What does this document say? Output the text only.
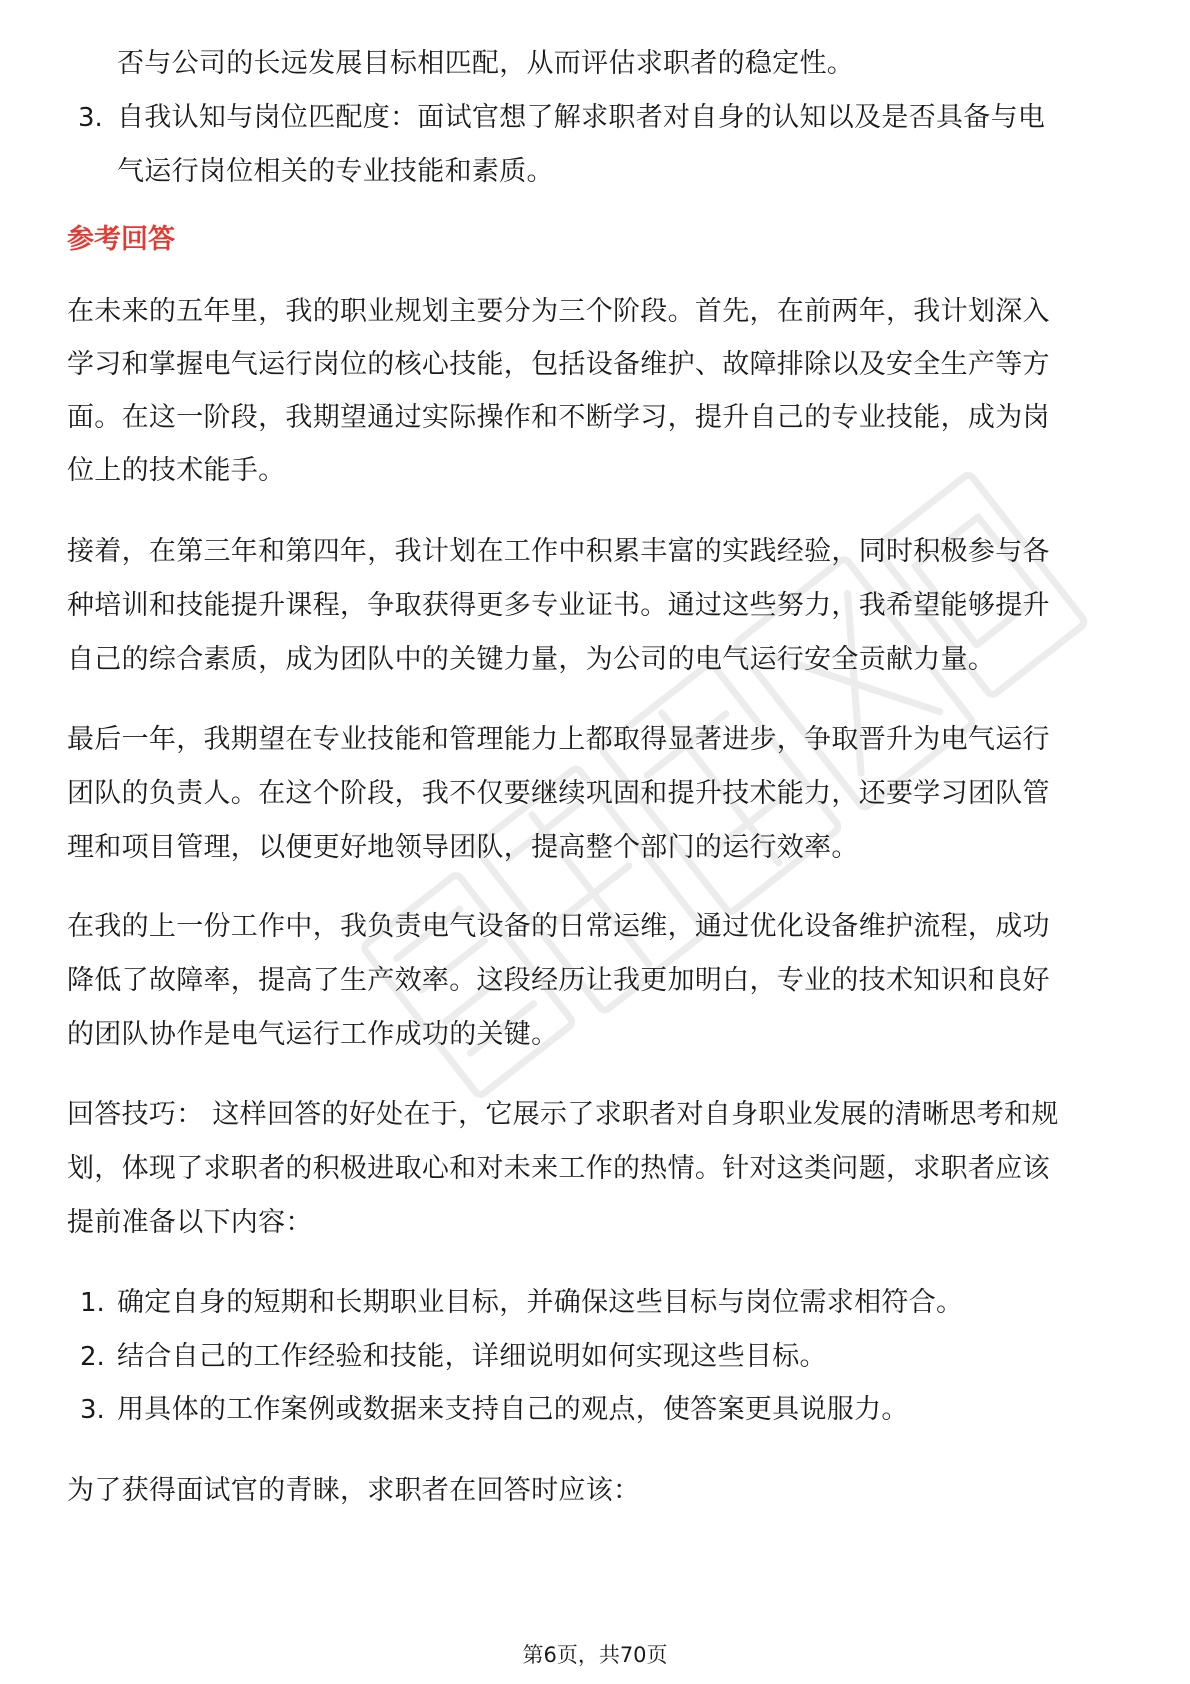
否与公司的长远发展目标相匹配，从而评估求职者的稳定性。
3. 自我认知与岗位匹配度：面试官想了解求职者对自身的认知以及是否具备与电
气运行岗位相关的专业技能和素质。
参考回答
在未来的五年里，我的职业规划主要分为三个阶段。首先，在前两年，我计划深入
学习和掌握电气运行岗位的核心技能，包括设备维护、故障排除以及安全生产等方
面。在这一阶段，我期望通过实际操作和不断学习，提升自己的专业技能，成为岗
位上的技术能手。
接着，在第三年和第四年，我计划在工作中积累丰富的实践经验，同时积极参与各
种培训和技能提升课程，争取获得更多专业证书。通过这些努力，我希望能够提升
自己的综合素质，成为团队中的关键力量，为公司的电气运行安全贡献力量。
最后一年，我期望在专业技能和管理能力上都取得显著进步，争取晋升为电气运行
团队的负责人。在这个阶段，我不仅要继续巩固和提升技术能力，还要学习团队管
理和项目管理，以便更好地领导团队，提高整个部门的运行效率。
在我的上一份工作中，我负责电气设备的日常运维，通过优化设备维护流程，成功
降低了故障率，提高了生产效率。这段经历让我更加明白，专业的技术知识和良好
的团队协作是电气运行工作成功的关键。
回答技巧： 这样回答的好处在于，它展示了求职者对自身职业发展的清晰思考和规
划，体现了求职者的积极进取心和对未来工作的热情。针对这类问题，求职者应该
提前准备以下内容：
1. 确定自身的短期和长期职业目标，并确保这些目标与岗位需求相符合。
2. 结合自己的工作经验和技能，详细说明如何实现这些目标。
3. 用具体的工作案例或数据来支持自己的观点，使答案更具说服力。
为了获得面试官的青睐，求职者在回答时应该：
第6页，共70页
